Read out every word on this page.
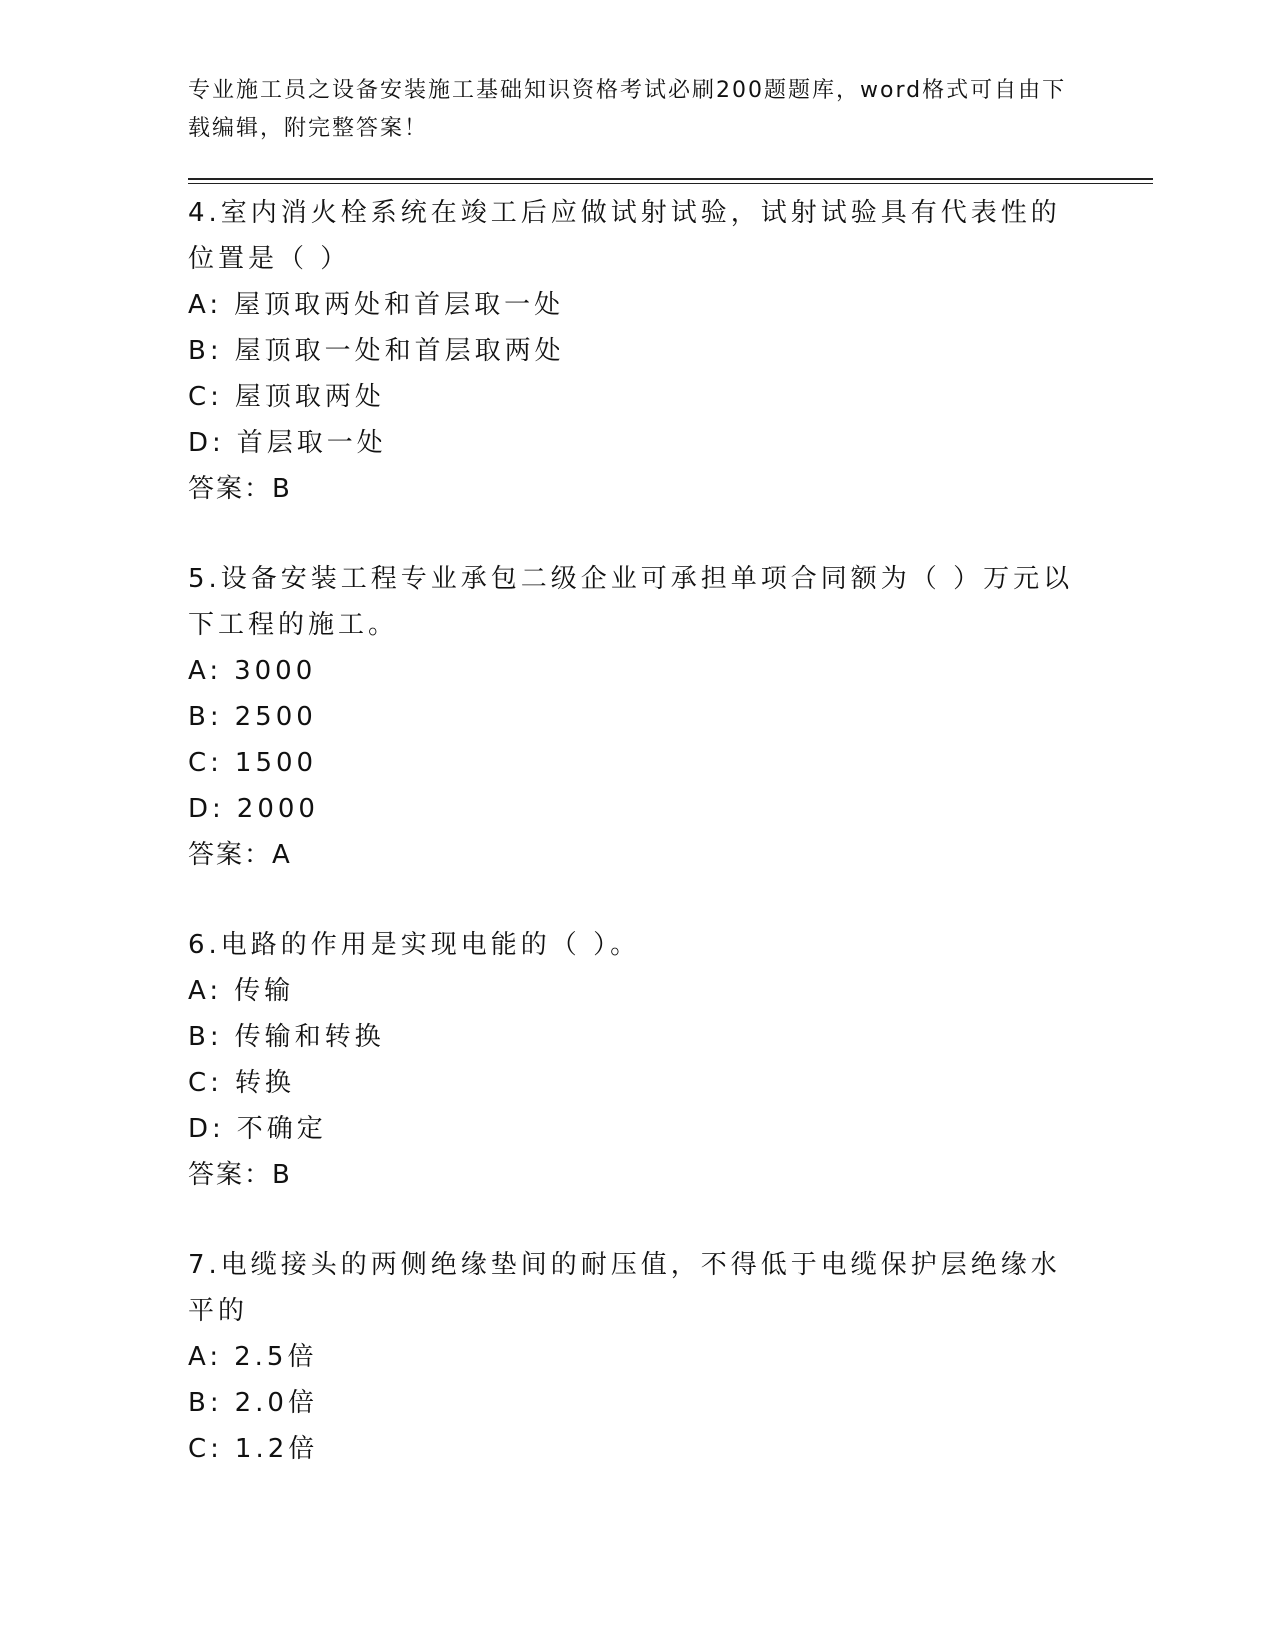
专业施工员之设备安装施工基础知识资格考试必刷200题题库，word格式可自由下载编辑，附完整答案！
4.室内消火栓系统在竣工后应做试射试验，试射试验具有代表性的位置是（ ）
A: 屋顶取两处和首层取一处
B: 屋顶取一处和首层取两处
C: 屋顶取两处
D: 首层取一处
答案：B
5.设备安装工程专业承包二级企业可承担单项合同额为（ ）万元以下工程的施工。
A: 3000
B: 2500
C: 1500
D: 2000
答案：A
6.电路的作用是实现电能的（ ）。
A: 传输
B: 传输和转换
C: 转换
D: 不确定
答案：B
7.电缆接头的两侧绝缘垫间的耐压值，不得低于电缆保护层绝缘水平的
A: 2.5倍
B: 2.0倍
C: 1.2倍
